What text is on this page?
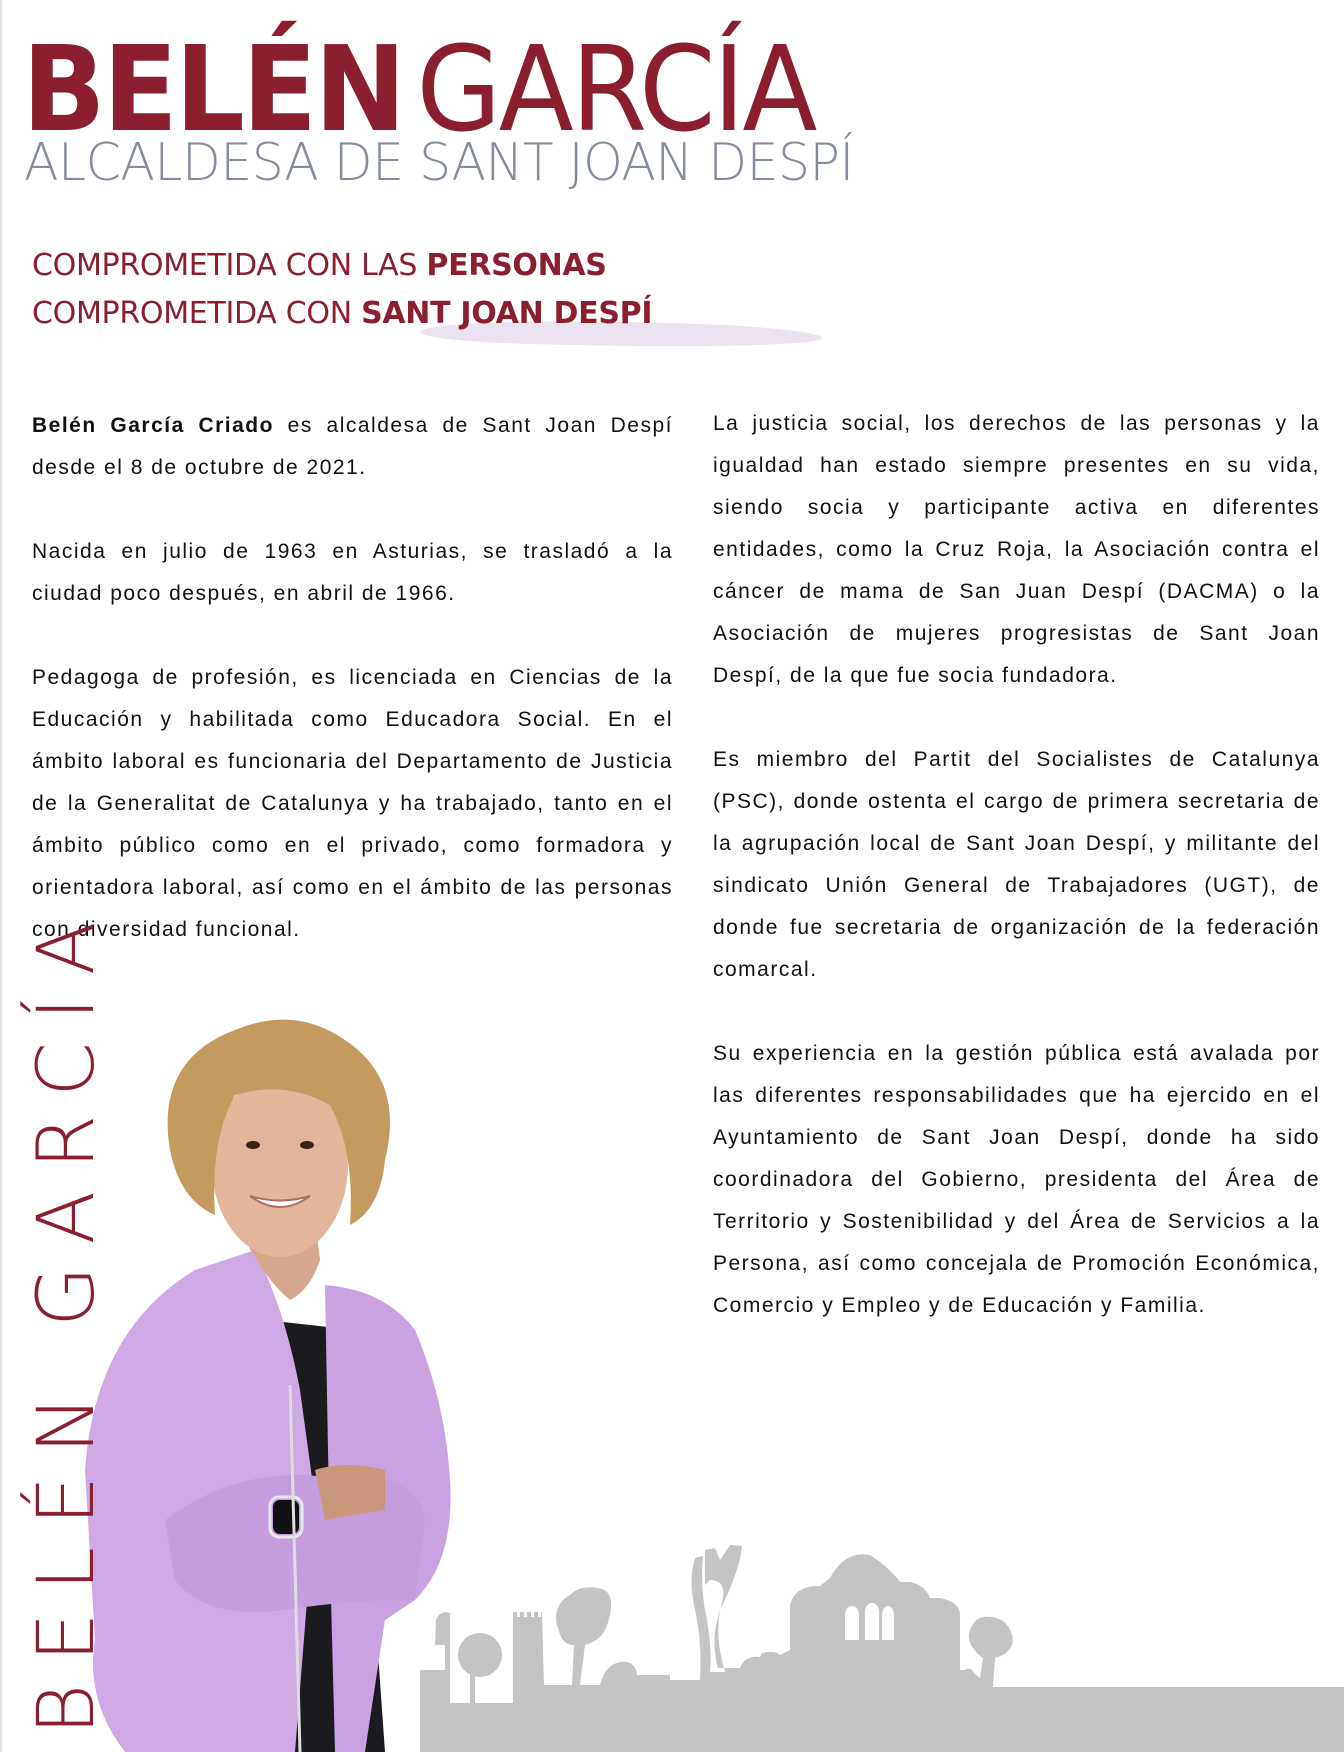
BELÉN GARCÍA
ALCALDESA DE SANT JOAN DESPÍ
COMPROMETIDA CON LAS PERSONAS
COMPROMETIDA CON SANT JOAN DESPÍ

Belén García Criado es alcaldesa de Sant Joan Despí desde el 8 de octubre de 2021.

Nacida en julio de 1963 en Asturias, se trasladó a la ciudad poco después, en abril de 1966.

Pedagoga de profesión, es licenciada en Ciencias de la Educación y habilitada como Educadora Social. En el ámbito laboral es funcionaria del Departamento de Justicia de la Generalitat de Catalunya y ha trabajado, tanto en el ámbito público como en el privado, como formadora y orientadora laboral, así como en el ámbito de las personas con diversidad funcional.

La justicia social, los derechos de las personas y la igualdad han estado siempre presentes en su vida, siendo socia y participante activa en diferentes entidades, como la Cruz Roja, la Asociación contra el cáncer de mama de San Juan Despí (DACMA) o la Asociación de mujeres progresistas de Sant Joan Despí, de la que fue socia fundadora.

Es miembro del Partit del Socialistes de Catalunya (PSC), donde ostenta el cargo de primera secretaria de la agrupación local de Sant Joan Despí, y militante del sindicato Unión General de Trabajadores (UGT), de donde fue secretaria de organización de la federación comarcal.

Su experiencia en la gestión pública está avalada por las diferentes responsabilidades que ha ejercido en el Ayuntamiento de Sant Joan Despí, donde ha sido coordinadora del Gobierno, presidenta del Área de Territorio y Sostenibilidad y del Área de Servicios a la Persona, así como concejala de Promoción Económica, Comercio y Empleo y de Educación y Familia.

BELÉN GARCÍA
